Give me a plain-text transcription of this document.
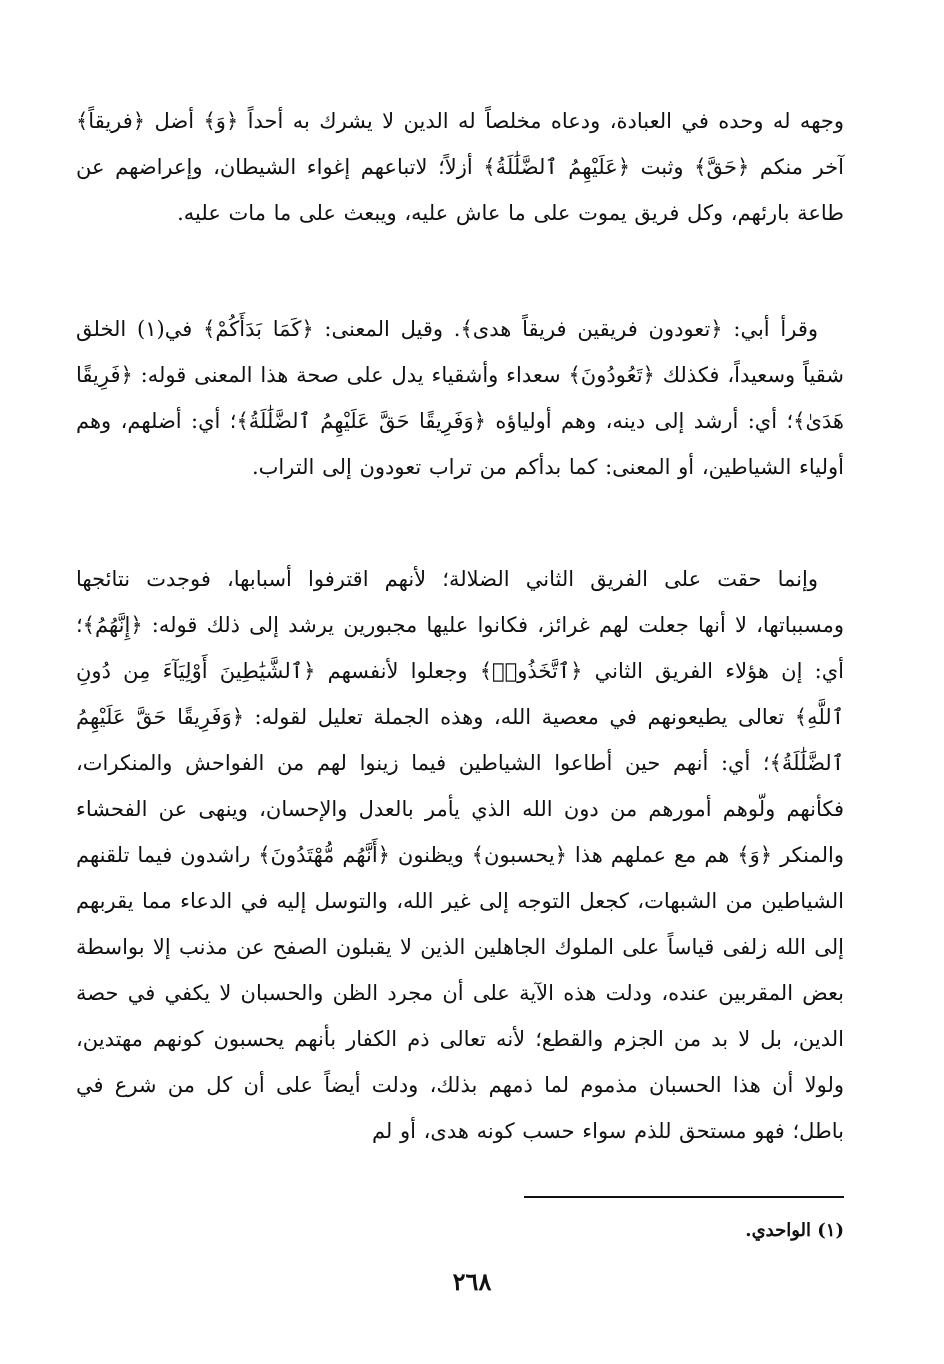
وجهه له وحده في العبادة، ودعاه مخلصاً له الدين لا يشرك به أحداً ﴿وَ﴾ أضل ﴿فريقاً﴾ آخر منكم ﴿حَقَّ﴾ وثبت ﴿عَلَيْهِمُ ٱلضَّلَٰلَةُ﴾ أزلاً؛ لاتباعهم إغواء الشيطان، وإعراضهم عن طاعة بارئهم، وكل فريق يموت على ما عاش عليه، ويبعث على ما مات عليه.
وقرأ أبي: ﴿تعودون فريقين فريقاً هدى﴾. وقيل المعنى: ﴿كَمَا بَدَأَكُمْ﴾ في(١) الخلق شقياً وسعيداً، فكذلك ﴿تَعُودُونَ﴾ سعداء وأشقياء يدل على صحة هذا المعنى قوله: ﴿فَرِيقًا هَدَىٰ﴾؛ أي: أرشد إلى دينه، وهم أولياؤه ﴿وَفَرِيقًا حَقَّ عَلَيْهِمُ ٱلضَّلَٰلَةُ﴾؛ أي: أضلهم، وهم أولياء الشياطين، أو المعنى: كما بدأكم من تراب تعودون إلى التراب.
وإنما حقت على الفريق الثاني الضلالة؛ لأنهم اقترفوا أسبابها، فوجدت نتائجها ومسبباتها، لا أنها جعلت لهم غرائز، فكانوا عليها مجبورين يرشد إلى ذلك قوله: ﴿إِنَّهُمُ﴾؛ أي: إن هؤلاء الفريق الثاني ﴿ٱتَّخَذُوا۟﴾ وجعلوا لأنفسهم ﴿ٱلشَّيَٰطِينَ أَوْلِيَآءَ مِن دُونِ ٱللَّهِ﴾ تعالى يطيعونهم في معصية الله، وهذه الجملة تعليل لقوله: ﴿وَفَرِيقًا حَقَّ عَلَيْهِمُ ٱلضَّلَٰلَةُ﴾؛ أي: أنهم حين أطاعوا الشياطين فيما زينوا لهم من الفواحش والمنكرات، فكأنهم ولّوهم أمورهم من دون الله الذي يأمر بالعدل والإحسان، وينهى عن الفحشاء والمنكر ﴿وَ﴾ هم مع عملهم هذا ﴿يحسبون﴾ ويظنون ﴿أَنَّهُم مُّهْتَدُونَ﴾ راشدون فيما تلقنهم الشياطين من الشبهات، كجعل التوجه إلى غير الله، والتوسل إليه في الدعاء مما يقربهم إلى الله زلفى قياساً على الملوك الجاهلين الذين لا يقبلون الصفح عن مذنب إلا بواسطة بعض المقربين عنده، ودلت هذه الآية على أن مجرد الظن والحسبان لا يكفي في حصة الدين، بل لا بد من الجزم والقطع؛ لأنه تعالى ذم الكفار بأنهم يحسبون كونهم مهتدين، ولولا أن هذا الحسبان مذموم لما ذمهم بذلك، ودلت أيضاً على أن كل من شرع في باطل؛ فهو مستحق للذم سواء حسب كونه هدى، أو لم
(١) الواحدي.
٢٦٨
